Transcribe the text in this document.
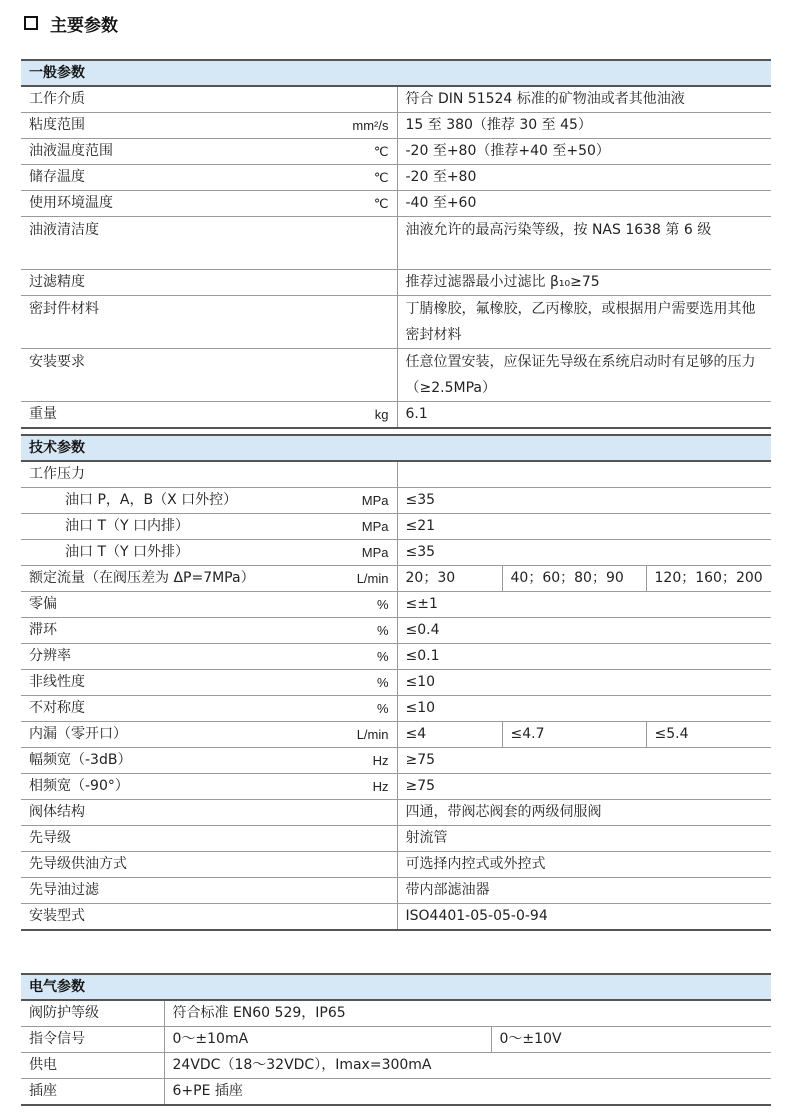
主要参数
一般参数	

工作介质	符合 DIN 51524 标准的矿物油或者其他油液

粘度范围 mm²/s	15 至 380（推荐 30 至 45）

油液温度范围 ℃	-20 至+80（推荐+40 至+50）

储存温度 ℃	-20 至+80

使用环境温度 ℃	-40 至+60

油液清洁度	油液允许的最高污染等级，按 NAS 1638 第 6 级

过滤精度	推荐过滤器最小过滤比 β₁₀≥75

密封件材料	丁腈橡胶，氟橡胶，乙丙橡胶，或根据用户需要选用其他密封材料

安装要求	任意位置安装，应保证先导级在系统启动时有足够的压力（≥2.5MPa）

重量 kg	6.1
技术参数			

工作压力			

油口 P，A，B（X 口外控） MPa	≤35		

油口 T（Y 口内排） MPa	≤21		

油口 T（Y 口外排） MPa	≤35		

额定流量（在阀压差为 ΔP=7MPa） L/min	20；30	40；60；80；90	120；160；200

零偏 %	≤±1		

滞环 %	≤0.4		

分辨率 %	≤0.1		

非线性度 %	≤10		

不对称度 %	≤10		

内漏（零开口） L/min	≤4	≤4.7	≤5.4

幅频宽（-3dB） Hz	≥75		

相频宽（-90°） Hz	≥75		

阀体结构	四通，带阀芯阀套的两级伺服阀		

先导级	射流管		

先导级供油方式	可选择内控式或外控式		

先导油过滤	带内部滤油器		

安装型式	ISO4401-05-05-0-94		
电气参数		
阀防护等级	符合标准 EN60 529，IP65	
指令信号	0～±10mA	0～±10V
供电	24VDC（18～32VDC），Imax=300mA	
插座	6+PE 插座	
